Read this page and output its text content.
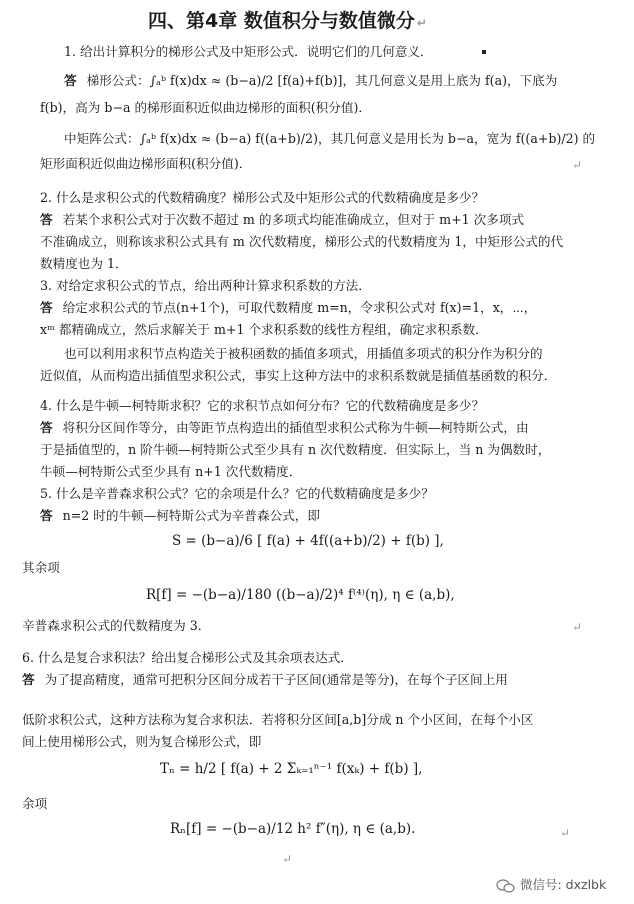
四、第4章 数值积分与数值微分 ↵
1. 给出计算积分的梯形公式及中矩形公式．说明它们的几何意义．
答 梯形公式：∫ₐᵇ f(x)dx ≈ (b−a)/2 [f(a)+f(b)]，其几何意义是用上底为 f(a)，下底为
f(b)，高为 b−a 的梯形面积近似曲边梯形的面积(积分值)．
中矩阵公式：∫ₐᵇ f(x)dx ≈ (b−a) f((a+b)/2)，其几何意义是用长为 b−a，宽为 f((a+b)/2) 的
矩形面积近似曲边梯形面积(积分值)．	↵
2. 什么是求积公式的代数精确度？梯形公式及中矩形公式的代数精确度是多少？
答 若某个求积公式对于次数不超过 m 的多项式均能准确成立，但对于 m+1 次多项式
不准确成立，则称该求积公式具有 m 次代数精度，梯形公式的代数精度为 1，中矩形公式的代
数精度也为 1．
3. 对给定求积公式的节点，给出两种计算求积系数的方法．
答 给定求积公式的节点(n+1个)，可取代数精度 m=n，令求积公式对 f(x)=1，x，⋯，
xᵐ 都精确成立，然后求解关于 m+1 个求积系数的线性方程组，确定求积系数．
也可以利用求积节点构造关于被积函数的插值多项式，用插值多项式的积分作为积分的
近似值，从而构造出插值型求积公式，事实上这种方法中的求积系数就是插值基函数的积分．
4. 什么是牛顿—柯特斯求积？它的求积节点如何分布？它的代数精确度是多少？
答 将积分区间作等分，由等距节点构造出的插值型求积公式称为牛顿—柯特斯公式，由
于是插值型的，n 阶牛顿—柯特斯公式至少具有 n 次代数精度．但实际上，当 n 为偶数时，
牛顿—柯特斯公式至少具有 n+1 次代数精度．
5. 什么是辛普森求积公式？它的余项是什么？它的代数精确度是多少？
答 n=2 时的牛顿—柯特斯公式为辛普森公式，即
S = (b−a)/6 [ f(a) + 4f((a+b)/2) + f(b) ],
其余项
R[f] = −(b−a)/180 ((b−a)/2)⁴ f⁽⁴⁾(η), η ∈ (a,b),
辛普森求积公式的代数精度为 3．	↵
6. 什么是复合求积法？给出复合梯形公式及其余项表达式．
答 为了提高精度，通常可把积分区间分成若干子区间(通常是等分)，在每个子区间上用
低阶求积公式，这种方法称为复合求积法．若将积分区间[a,b]分成 n 个小区间，在每个小区
间上使用梯形公式，则为复合梯形公式，即
Tₙ = h/2 [ f(a) + 2 Σₖ₌₁ⁿ⁻¹ f(xₖ) + f(b) ],
余项
Rₙ[f] = −(b−a)/12 h² f″(η), η ∈ (a,b).	↵
↵
微信号: dxzlbk
